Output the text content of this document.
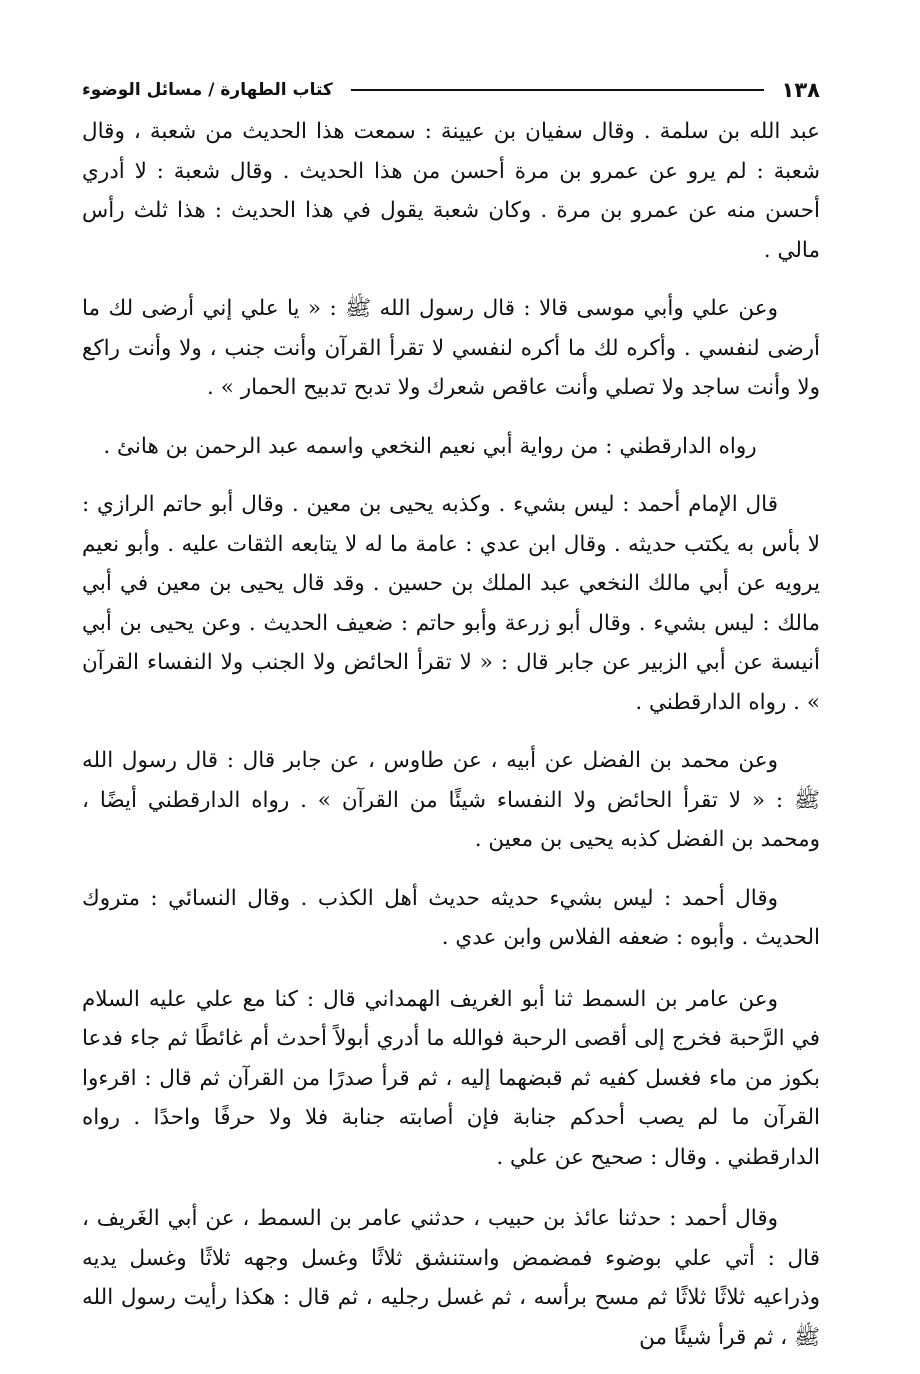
١٣٨
كتاب الطهارة / مسائل الوضوء

عبد الله بن سلمة . وقال سفيان بن عيينة : سمعت هذا الحديث من شعبة ، وقال شعبة : لم يرو عن عمرو بن مرة أحسن من هذا الحديث . وقال شعبة : لا أدري أحسن منه عن عمرو بن مرة . وكان شعبة يقول في هذا الحديث : هذا ثلث رأس مالي .

وعن علي وأبي موسى قالا : قال رسول الله ﷺ : « يا علي إني أرضى لك ما أرضى لنفسي . وأكره لك ما أكره لنفسي لا تقرأ القرآن وأنت جنب ، ولا وأنت راكع ولا وأنت ساجد ولا تصلي وأنت عاقص شعرك ولا تدبح تدبيح الحمار » .

رواه الدارقطني : من رواية أبي نعيم النخعي واسمه عبد الرحمن بن هانئ .

قال الإمام أحمد : ليس بشيء . وكذبه يحيى بن معين . وقال أبو حاتم الرازي : لا بأس به يكتب حديثه . وقال ابن عدي : عامة ما له لا يتابعه الثقات عليه . وأبو نعيم يرويه عن أبي مالك النخعي عبد الملك بن حسين . وقد قال يحيى بن معين في أبي مالك : ليس بشيء . وقال أبو زرعة وأبو حاتم : ضعيف الحديث . وعن يحيى بن أبي أنيسة عن أبي الزبير عن جابر قال : « لا تقرأ الحائض ولا الجنب ولا النفساء القرآن » . رواه الدارقطني .

وعن محمد بن الفضل عن أبيه ، عن طاوس ، عن جابر قال : قال رسول الله ﷺ : « لا تقرأ الحائض ولا النفساء شيئًا من القرآن » . رواه الدارقطني أيضًا ، ومحمد بن الفضل كذبه يحيى بن معين .

وقال أحمد : ليس بشيء حديثه حديث أهل الكذب . وقال النسائي : متروك الحديث . وأبوه : ضعفه الفلاس وابن عدي .

وعن عامر بن السمط ثنا أبو الغريف الهمداني قال : كنا مع علي عليه السلام في الرَّحبة فخرج إلى أقصى الرحبة فوالله ما أدري أبولاً أحدث أم غائطًا ثم جاء فدعا بكوز من ماء فغسل كفيه ثم قبضهما إليه ، ثم قرأ صدرًا من القرآن ثم قال : اقرءوا القرآن ما لم يصب أحدكم جنابة فإن أصابته جنابة فلا ولا حرفًا واحدًا . رواه الدارقطني . وقال : صحيح عن علي .

وقال أحمد : حدثنا عائذ بن حبيب ، حدثني عامر بن السمط ، عن أبي الغَريف ، قال : أتي علي بوضوء فمضمض واستنشق ثلاثًا وغسل وجهه ثلاثًا وغسل يديه وذراعيه ثلاثًا ثلاثًا ثم مسح برأسه ، ثم غسل رجليه ، ثم قال : هكذا رأيت رسول الله ﷺ ، ثم قرأ شيئًا من
